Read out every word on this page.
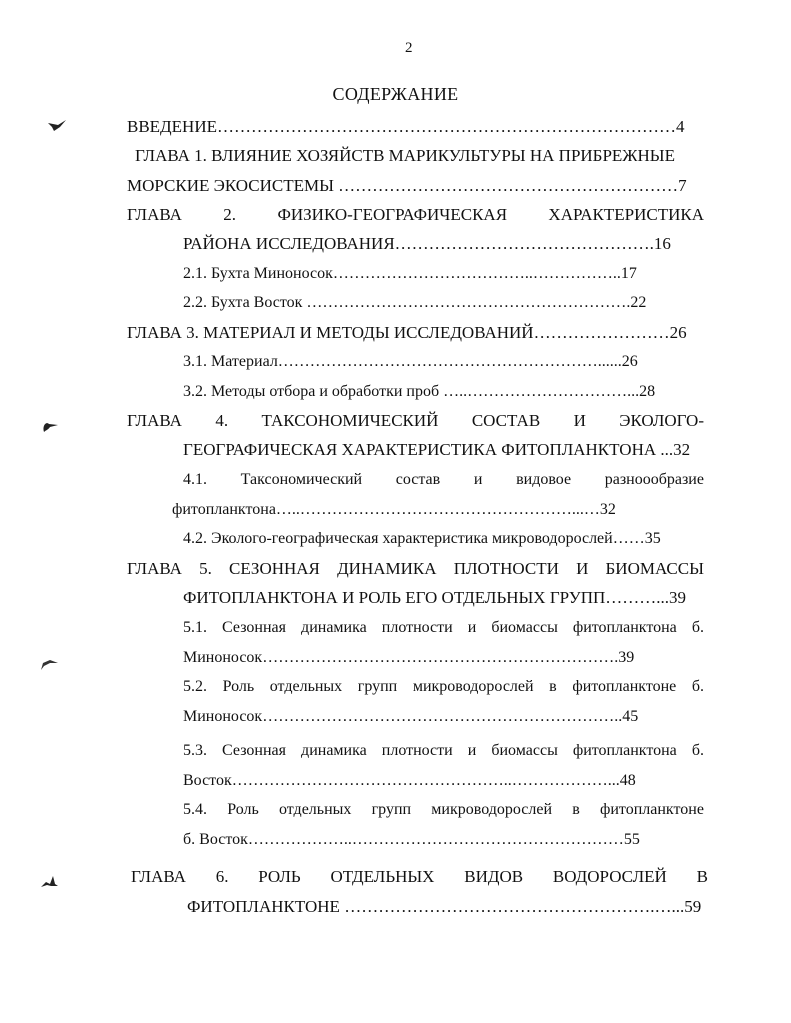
2
СОДЕРЖАНИЕ
ВВЕДЕНИЕ………………………………………………………………………4
ГЛАВА 1. ВЛИЯНИЕ ХОЗЯЙСТВ МАРИКУЛЬТУРЫ НА ПРИБРЕЖНЫЕ
МОРСКИЕ ЭКОСИСТЕМЫ ……………………………………………………7
ГЛАВА 2. ФИЗИКО-ГЕОГРАФИЧЕСКАЯ ХАРАКТЕРИСТИКА
РАЙОНА ИССЛЕДОВАНИЯ……………………………………….16
2.1. Бухта Миноносок………………………………..……………..17
2.2. Бухта Восток …………………………………………………….22
ГЛАВА 3. МАТЕРИАЛ И МЕТОДЫ ИССЛЕДОВАНИЙ……………………26
3.1. Материал……………………………………………………......26
3.2. Методы отбора и обработки проб …..…………………………...28
ГЛАВА 4. ТАКСОНОМИЧЕСКИЙ СОСТАВ И ЭКОЛОГО-
ГЕОГРАФИЧЕСКАЯ ХАРАКТЕРИСТИКА ФИТОПЛАНКТОНА ...32
4.1. Таксономический состав и видовое разноообразие
фитопланктона…..……………………………………………...…32
4.2. Эколого-географическая характеристика микроводорослей……35
ГЛАВА 5. СЕЗОННАЯ ДИНАМИКА ПЛОТНОСТИ И БИОМАССЫ
ФИТОПЛАНКТОНА И РОЛЬ ЕГО ОТДЕЛЬНЫХ ГРУПП………...39
5.1. Сезонная динамика плотности и биомассы фитопланктона б.
Миноносок………………………………………………………….39
5.2. Роль отдельных групп микроводорослей в фитопланктоне б.
Миноносок…………………………………………………………..45
5.3. Сезонная динамика плотности и биомассы фитопланктона б.
Восток……………………………………………..………………...48
5.4. Роль отдельных групп микроводорослей в фитопланктоне
б. Восток………………..……………………………………………55
ГЛАВА 6. РОЛЬ ОТДЕЛЬНЫХ ВИДОВ ВОДОРОСЛЕЙ В
ФИТОПЛАНКТОНЕ ……………………………………………….…...59
